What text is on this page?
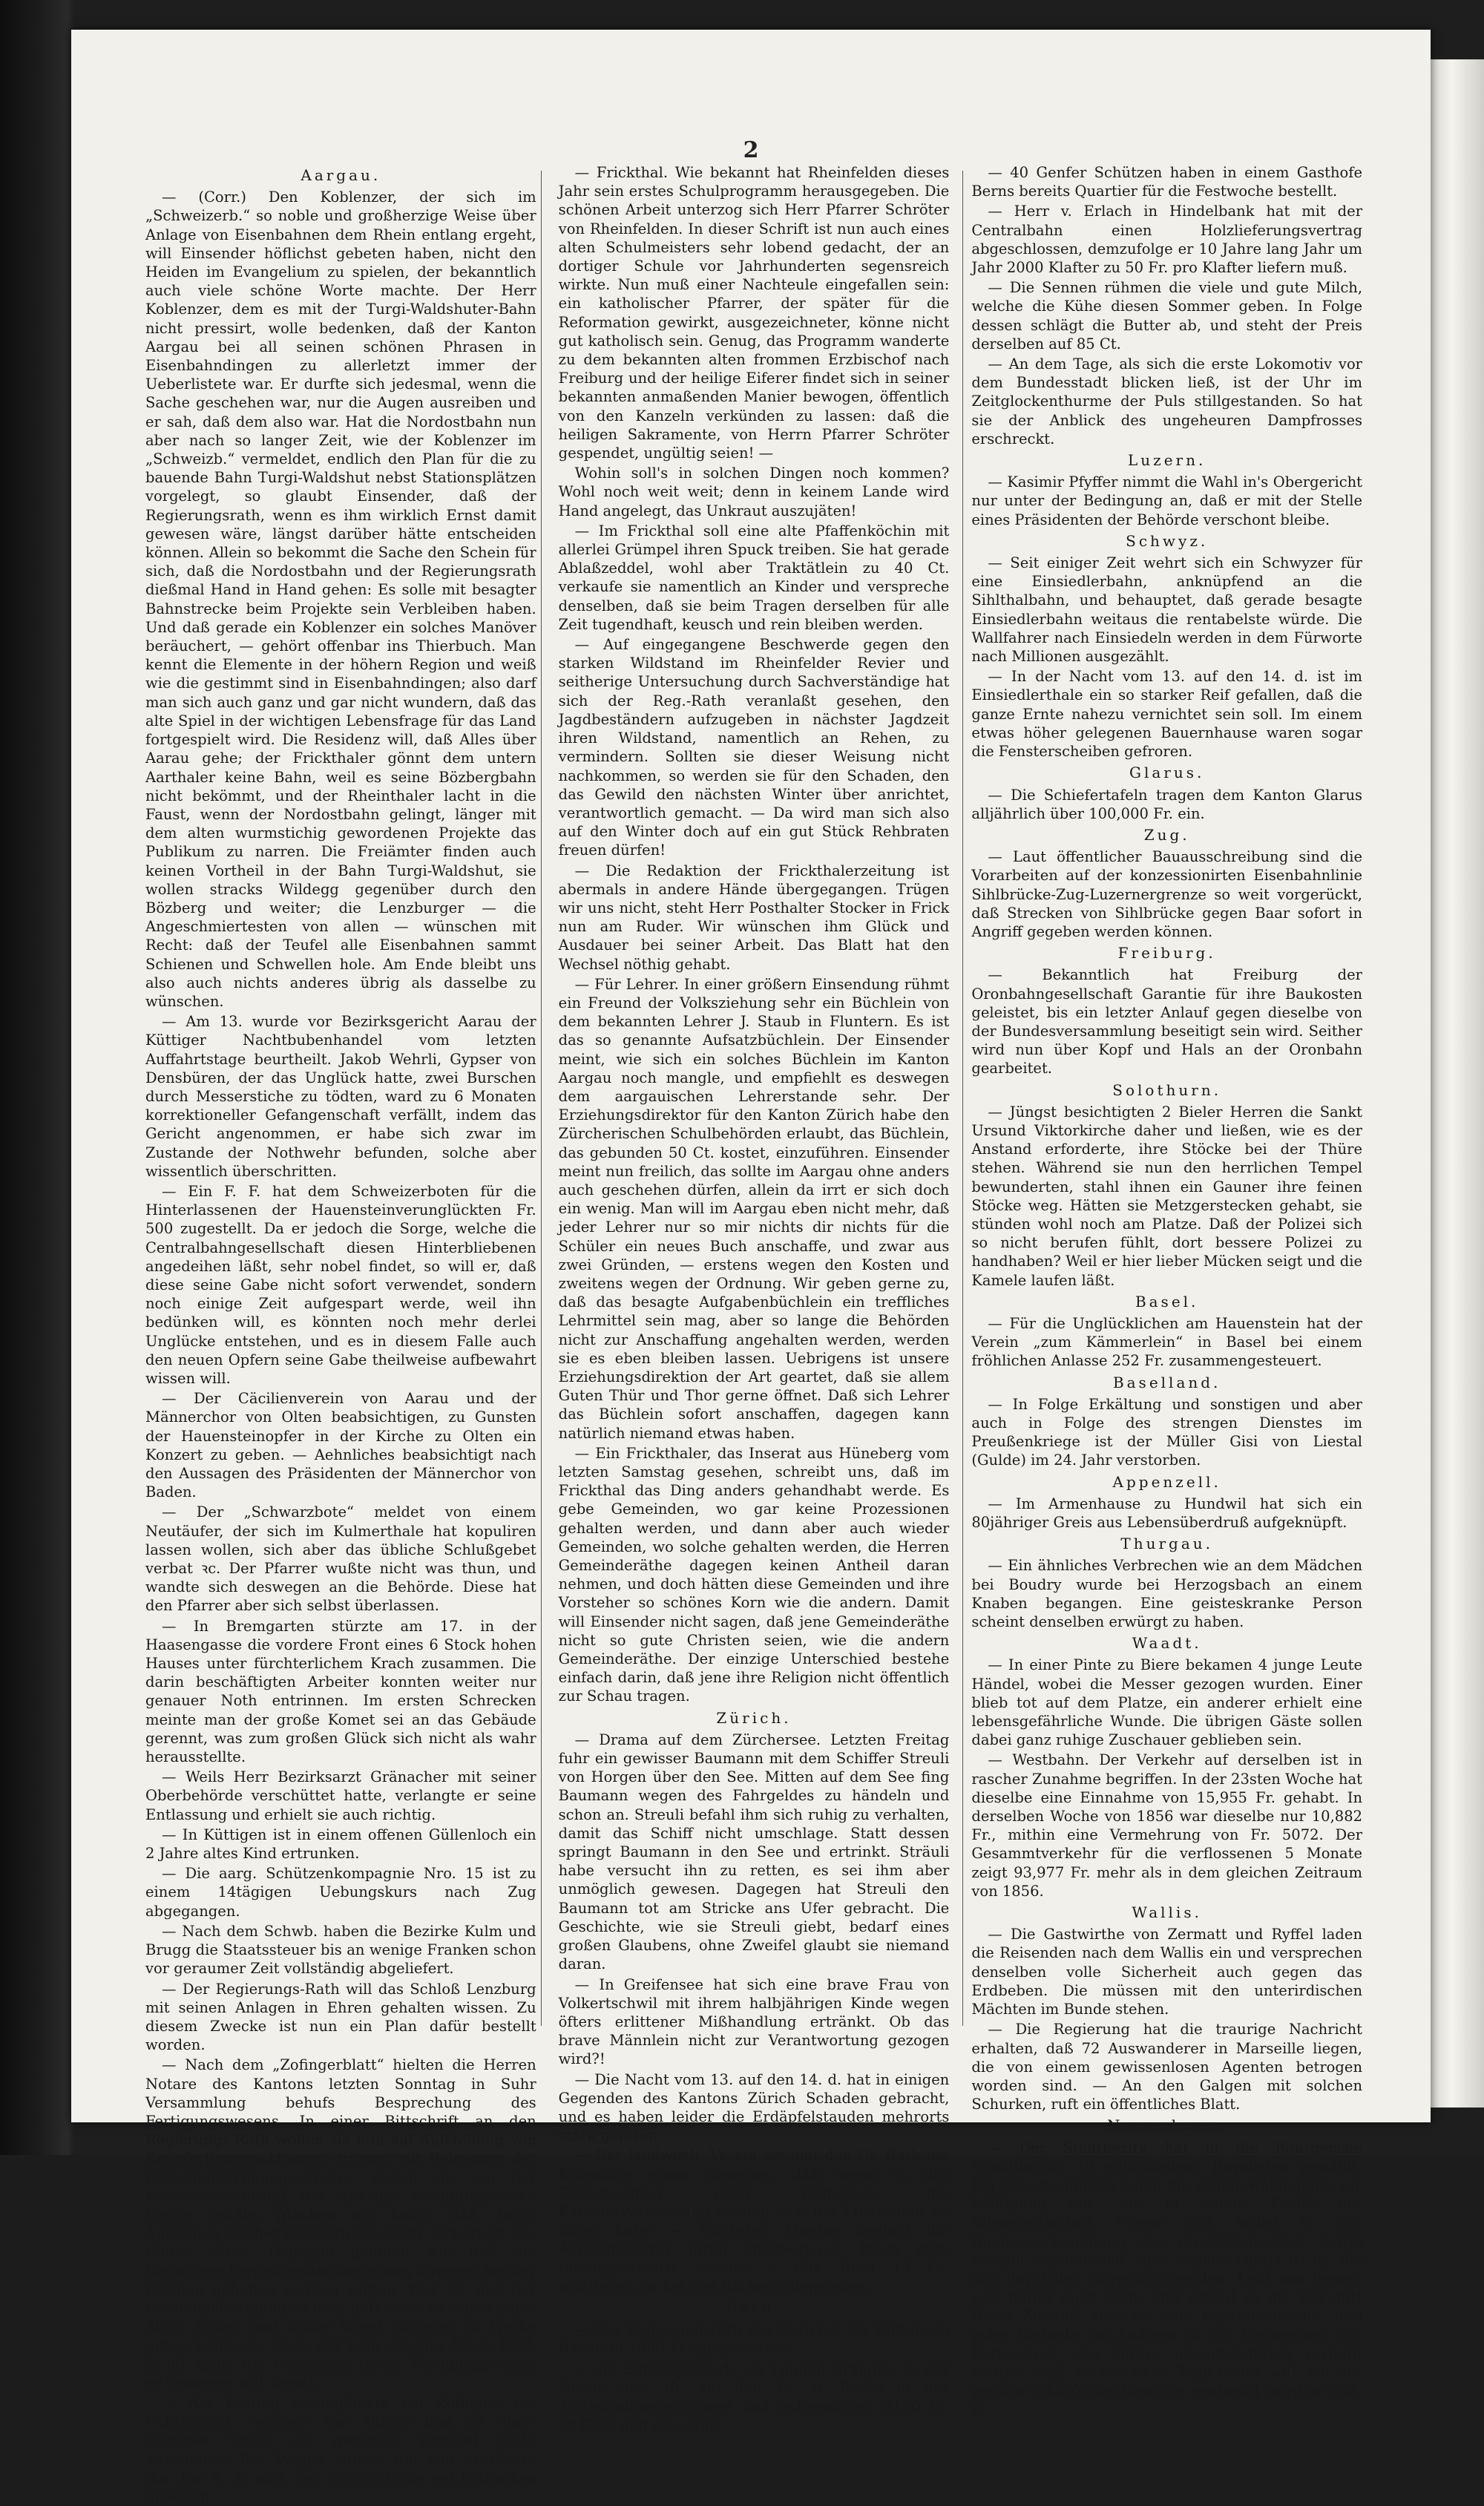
2
Aargau.

— (Corr.) Den Koblenzer, der sich im „Schweizerb.“ so noble und großherzige Weise über Anlage von Eisenbahnen dem Rhein entlang ergeht, will Einsender höflichst gebeten haben, nicht den Heiden im Evangelium zu spielen, der bekanntlich auch viele schöne Worte machte. Der Herr Koblenzer, dem es mit der Turgi-Waldshuter-Bahn nicht pressirt, wolle bedenken, daß der Kanton Aargau bei all seinen schönen Phrasen in Eisenbahndingen zu allerletzt immer der Ueberlistete war. Er durfte sich jedesmal, wenn die Sache geschehen war, nur die Augen ausreiben und er sah, daß dem also war. Hat die Nordostbahn nun aber nach so langer Zeit, wie der Koblenzer im „Schweizb.“ vermeldet, endlich den Plan für die zu bauende Bahn Turgi-Waldshut nebst Stationsplätzen vorgelegt, so glaubt Einsender, daß der Regierungsrath, wenn es ihm wirklich Ernst damit gewesen wäre, längst darüber hätte entscheiden können. Allein so bekommt die Sache den Schein für sich, daß die Nordostbahn und der Regierungsrath dießmal Hand in Hand gehen: Es solle mit besagter Bahnstrecke beim Projekte sein Verbleiben haben. Und daß gerade ein Koblenzer ein solches Manöver beräuchert, — gehört offenbar ins Thierbuch. Man kennt die Elemente in der höhern Region und weiß wie die gestimmt sind in Eisenbahndingen; also darf man sich auch ganz und gar nicht wundern, daß das alte Spiel in der wichtigen Lebensfrage für das Land fortgespielt wird. Die Residenz will, daß Alles über Aarau gehe; der Frickthaler gönnt dem untern Aarthaler keine Bahn, weil es seine Bözbergbahn nicht bekömmt, und der Rheinthaler lacht in die Faust, wenn der Nordostbahn gelingt, länger mit dem alten wurmstichig gewordenen Projekte das Publikum zu narren. Die Freiämter finden auch keinen Vortheil in der Bahn Turgi-Waldshut, sie wollen stracks Wildegg gegenüber durch den Bözberg und weiter; die Lenzburger — die Angeschmiertesten von allen — wünschen mit Recht: daß der Teufel alle Eisenbahnen sammt Schienen und Schwellen hole. Am Ende bleibt uns also auch nichts anderes übrig als dasselbe zu wünschen.

— Am 13. wurde vor Bezirksgericht Aarau der Küttiger Nachtbubenhandel vom letzten Auffahrtstage beurtheilt. Jakob Wehrli, Gypser von Densbüren, der das Unglück hatte, zwei Burschen durch Messerstiche zu tödten, ward zu 6 Monaten korrektioneller Gefangenschaft verfällt, indem das Gericht angenommen, er habe sich zwar im Zustande der Nothwehr befunden, solche aber wissentlich überschritten.

— Ein F. F. hat dem Schweizerboten für die Hinterlassenen der Hauensteinverunglückten Fr. 500 zugestellt. Da er jedoch die Sorge, welche die Centralbahngesellschaft diesen Hinterbliebenen angedeihen läßt, sehr nobel findet, so will er, daß diese seine Gabe nicht sofort verwendet, sondern noch einige Zeit aufgespart werde, weil ihn bedünken will, es könnten noch mehr derlei Unglücke entstehen, und es in diesem Falle auch den neuen Opfern seine Gabe theilweise aufbewahrt wissen will.

— Der Cäcilienverein von Aarau und der Männerchor von Olten beabsichtigen, zu Gunsten der Hauensteinopfer in der Kirche zu Olten ein Konzert zu geben. — Aehnliches beabsichtigt nach den Aussagen des Präsidenten der Männerchor von Baden.

— Der „Schwarzbote“ meldet von einem Neutäufer, der sich im Kulmerthale hat kopuliren lassen wollen, sich aber das übliche Schlußgebet verbat ꝛc. Der Pfarrer wußte nicht was thun, und wandte sich deswegen an die Behörde. Diese hat den Pfarrer aber sich selbst überlassen.

— In Bremgarten stürzte am 17. in der Haasengasse die vordere Front eines 6 Stock hohen Hauses unter fürchterlichem Krach zusammen. Die darin beschäftigten Arbeiter konnten weiter nur genauer Noth entrinnen. Im ersten Schrecken meinte man der große Komet sei an das Gebäude gerennt, was zum großen Glück sich nicht als wahr herausstellte.

— Weils Herr Bezirksarzt Gränacher mit seiner Oberbehörde verschüttet hatte, verlangte er seine Entlassung und erhielt sie auch richtig.

— In Küttigen ist in einem offenen Güllenloch ein 2 Jahre altes Kind ertrunken.

— Die aarg. Schützenkompagnie Nro. 15 ist zu einem 14tägigen Uebungskurs nach Zug abgegangen.

— Nach dem Schwb. haben die Bezirke Kulm und Brugg die Staatssteuer bis an wenige Franken schon vor geraumer Zeit vollständig abgeliefert.

— Der Regierungs-Rath will das Schloß Lenzburg mit seinen Anlagen in Ehren gehalten wissen. Zu diesem Zwecke ist nun ein Plan dafür bestellt worden.

— Nach dem „Zofingerblatt“ hielten die Herren Notare des Kantons letzten Sonntag in Suhr Versammlung behufs Besprechung des Fertigungswesens. In einer Bittschrift an den Regierungs-Rath wollen sie nun auf Aufstellung von Kreisfertigungsaktuaren dringen mit Belassung der Gemeindefertigungsaktuare, indem sie von der Kostenvermehrung, die also das Fertigungswesen treffen müßte, glauben wir kaum, daß durch Aufstellen solcher Kreisaktuare mehr Sicherheit in's Ganze käme. Dagegen glauben wir, daß die bisherigen Fertigungsaktuare etwas strenger bei der Prüfung gehalten werden sollten. Klar ist, daß der Gemeindsfertigungsaktuar, daß er so zu sagen jedes Stück Grund und Boden kennt, sicherer zu Werke gehen kann, als einer, der kein einziges Stück Feld, ja oft kaum die Gemeinde, deren Fertigungswesen er besorgen soll, kennt.

— Am Freitag verunglückte bei Zofingen ein Fuhrknecht, welcher Torf führte und an einer halbigen Stelle die gehörige Vorsicht nicht anwendete. Der Wagen stürzte um und erdrückte ihn. Die A. Z. sagt, der Verunglückte sei betrunken gewesen.

— Frickthal. Wie bekannt hat Rheinfelden dieses Jahr sein erstes Schulprogramm herausgegeben. Die schönen Arbeit unterzog sich Herr Pfarrer Schröter von Rheinfelden. In dieser Schrift ist nun auch eines alten Schulmeisters sehr lobend gedacht, der an dortiger Schule vor Jahrhunderten segensreich wirkte. Nun muß einer Nachteule eingefallen sein: ein katholischer Pfarrer, der später für die Reformation gewirkt, ausgezeichneter, könne nicht gut katholisch sein. Genug, das Programm wanderte zu dem bekannten alten frommen Erzbischof nach Freiburg und der heilige Eiferer findet sich in seiner bekannten anmaßenden Manier bewogen, öffentlich von den Kanzeln verkünden zu lassen: daß die heiligen Sakramente, von Herrn Pfarrer Schröter gespendet, ungültig seien! —

Wohin soll's in solchen Dingen noch kommen? Wohl noch weit weit; denn in keinem Lande wird Hand angelegt, das Unkraut auszujäten!

— Im Frickthal soll eine alte Pfaffenköchin mit allerlei Grümpel ihren Spuck treiben. Sie hat gerade Ablaßzeddel, wohl aber Traktätlein zu 40 Ct. verkaufe sie namentlich an Kinder und verspreche denselben, daß sie beim Tragen derselben für alle Zeit tugendhaft, keusch und rein bleiben werden.

— Auf eingegangene Beschwerde gegen den starken Wildstand im Rheinfelder Revier und seitherige Untersuchung durch Sachverständige hat sich der Reg.-Rath veranlaßt gesehen, den Jagdbeständern aufzugeben in nächster Jagdzeit ihren Wildstand, namentlich an Rehen, zu vermindern. Sollten sie dieser Weisung nicht nachkommen, so werden sie für den Schaden, den das Gewild den nächsten Winter über anrichtet, verantwortlich gemacht. — Da wird man sich also auf den Winter doch auf ein gut Stück Rehbraten freuen dürfen!

— Die Redaktion der Frickthalerzeitung ist abermals in andere Hände übergegangen. Trügen wir uns nicht, steht Herr Posthalter Stocker in Frick nun am Ruder. Wir wünschen ihm Glück und Ausdauer bei seiner Arbeit. Das Blatt hat den Wechsel nöthig gehabt.

— Für Lehrer. In einer größern Einsendung rühmt ein Freund der Volksziehung sehr ein Büchlein von dem bekannten Lehrer J. Staub in Fluntern. Es ist das so genannte Aufsatzbüchlein. Der Einsender meint, wie sich ein solches Büchlein im Kanton Aargau noch mangle, und empfiehlt es deswegen dem aargauischen Lehrerstande sehr. Der Erziehungsdirektor für den Kanton Zürich habe den Zürcherischen Schulbehörden erlaubt, das Büchlein, das gebunden 50 Ct. kostet, einzuführen. Einsender meint nun freilich, das sollte im Aargau ohne anders auch geschehen dürfen, allein da irrt er sich doch ein wenig. Man will im Aargau eben nicht mehr, daß jeder Lehrer nur so mir nichts dir nichts für die Schüler ein neues Buch anschaffe, und zwar aus zwei Gründen, — erstens wegen den Kosten und zweitens wegen der Ordnung. Wir geben gerne zu, daß das besagte Aufgabenbüchlein ein treffliches Lehrmittel sein mag, aber so lange die Behörden nicht zur Anschaffung angehalten werden, werden sie es eben bleiben lassen. Uebrigens ist unsere Erziehungsdirektion der Art geartet, daß sie allem Guten Thür und Thor gerne öffnet. Daß sich Lehrer das Büchlein sofort anschaffen, dagegen kann natürlich niemand etwas haben.

— Ein Frickthaler, das Inserat aus Hüneberg vom letzten Samstag gesehen, schreibt uns, daß im Frickthal das Ding anders gehandhabt werde. Es gebe Gemeinden, wo gar keine Prozessionen gehalten werden, und dann aber auch wieder Gemeinden, wo solche gehalten werden, die Herren Gemeinderäthe dagegen keinen Antheil daran nehmen, und doch hätten diese Gemeinden und ihre Vorsteher so schönes Korn wie die andern. Damit will Einsender nicht sagen, daß jene Gemeinderäthe nicht so gute Christen seien, wie die andern Gemeinderäthe. Der einzige Unterschied bestehe einfach darin, daß jene ihre Religion nicht öffentlich zur Schau tragen.

Zürich.

— Drama auf dem Zürchersee. Letzten Freitag fuhr ein gewisser Baumann mit dem Schiffer Streuli von Horgen über den See. Mitten auf dem See fing Baumann wegen des Fahrgeldes zu händeln und schon an. Streuli befahl ihm sich ruhig zu verhalten, damit das Schiff nicht umschlage. Statt dessen springt Baumann in den See und ertrinkt. Sträuli habe versucht ihn zu retten, es sei ihm aber unmöglich gewesen. Dagegen hat Streuli den Baumann tot am Stricke ans Ufer gebracht. Die Geschichte, wie sie Streuli giebt, bedarf eines großen Glaubens, ohne Zweifel glaubt sie niemand daran.

— In Greifensee hat sich eine brave Frau von Volkertschwil mit ihrem halbjährigen Kinde wegen öfters erlittener Mißhandlung ertränkt. Ob das brave Männlein nicht zur Verantwortung gezogen wird?!

— Die Nacht vom 13. auf den 14. d. hat in einigen Gegenden des Kantons Zürich Schaden gebracht, und es haben leider die Erdäpfelstauden mehrorts stark gelitten.

— Der landwirth. Verein ersucht den Gr. Rath um Erlassung eines Gesetzes, daß wenn ⅔ der Grundbesitzer einer Gemeinde die Katastervermessung wollen, sich die Minderheit zu fügen habe. — Nächsten Montag beginnt die Aktienbäckerei ihren Brodverkauf. Nach dem Intelligenzblatte werden 4 Pfd. Brod 12 Ct. wohlfeiler als bei den Bäckern abgegeben.

Bern.

— Der Regierungsrath von Bern hat für katholisch Bächteln 1000 Fr. ausgeworfen.

— Im Schloßgebäude zu Laupen drangen in der Nacht vom 10. auf den 11. d. Diebe in das Amtsschaffnereizimmer und entwendeten 2150 Fr. an Geld und eine Uhr.

— 40 Genfer Schützen haben in einem Gasthofe Berns bereits Quartier für die Festwoche bestellt.

— Herr v. Erlach in Hindelbank hat mit der Centralbahn einen Holzlieferungsvertrag abgeschlossen, demzufolge er 10 Jahre lang Jahr um Jahr 2000 Klafter zu 50 Fr. pro Klafter liefern muß.

— Die Sennen rühmen die viele und gute Milch, welche die Kühe diesen Sommer geben. In Folge dessen schlägt die Butter ab, und steht der Preis derselben auf 85 Ct.

— An dem Tage, als sich die erste Lokomotiv vor dem Bundesstadt blicken ließ, ist der Uhr im Zeitglockenthurme der Puls stillgestanden. So hat sie der Anblick des ungeheuren Dampfrosses erschreckt.

Luzern.

— Kasimir Pfyffer nimmt die Wahl in's Obergericht nur unter der Bedingung an, daß er mit der Stelle eines Präsidenten der Behörde verschont bleibe.

Schwyz.

— Seit einiger Zeit wehrt sich ein Schwyzer für eine Einsiedlerbahn, anknüpfend an die Sihlthalbahn, und behauptet, daß gerade besagte Einsiedlerbahn weitaus die rentabelste würde. Die Wallfahrer nach Einsiedeln werden in dem Fürworte nach Millionen ausgezählt.

— In der Nacht vom 13. auf den 14. d. ist im Einsiedlerthale ein so starker Reif gefallen, daß die ganze Ernte nahezu vernichtet sein soll. Im einem etwas höher gelegenen Bauernhause waren sogar die Fensterscheiben gefroren.

Glarus.

— Die Schiefertafeln tragen dem Kanton Glarus alljährlich über 100,000 Fr. ein.

Zug.

— Laut öffentlicher Bauausschreibung sind die Vorarbeiten auf der konzessionirten Eisenbahnlinie Sihlbrücke-Zug-Luzernergrenze so weit vorgerückt, daß Strecken von Sihlbrücke gegen Baar sofort in Angriff gegeben werden können.

Freiburg.

— Bekanntlich hat Freiburg der Oronbahngesellschaft Garantie für ihre Baukosten geleistet, bis ein letzter Anlauf gegen dieselbe von der Bundesversammlung beseitigt sein wird. Seither wird nun über Kopf und Hals an der Oronbahn gearbeitet.

Solothurn.

— Jüngst besichtigten 2 Bieler Herren die Sankt Ursund Viktorkirche daher und ließen, wie es der Anstand erforderte, ihre Stöcke bei der Thüre stehen. Während sie nun den herrlichen Tempel bewunderten, stahl ihnen ein Gauner ihre feinen Stöcke weg. Hätten sie Metzgerstecken gehabt, sie stünden wohl noch am Platze. Daß der Polizei sich so nicht berufen fühlt, dort bessere Polizei zu handhaben? Weil er hier lieber Mücken seigt und die Kamele laufen läßt.

Basel.

— Für die Unglücklichen am Hauenstein hat der Verein „zum Kämmerlein“ in Basel bei einem fröhlichen Anlasse 252 Fr. zusammengesteuert.

Baselland.

— In Folge Erkältung und sonstigen und aber auch in Folge des strengen Dienstes im Preußenkriege ist der Müller Gisi von Liestal (Gulde) im 24. Jahr verstorben.

Appenzell.

— Im Armenhause zu Hundwil hat sich ein 80jähriger Greis aus Lebensüberdruß aufgeknüpft.

Thurgau.

— Ein ähnliches Verbrechen wie an dem Mädchen bei Boudry wurde bei Herzogsbach an einem Knaben begangen. Eine geisteskranke Person scheint denselben erwürgt zu haben.

Waadt.

— In einer Pinte zu Biere bekamen 4 junge Leute Händel, wobei die Messer gezogen wurden. Einer blieb tot auf dem Platze, ein anderer erhielt eine lebensgefährliche Wunde. Die übrigen Gäste sollen dabei ganz ruhige Zuschauer geblieben sein.

— Westbahn. Der Verkehr auf derselben ist in rascher Zunahme begriffen. In der 23sten Woche hat dieselbe eine Einnahme von 15,955 Fr. gehabt. In derselben Woche von 1856 war dieselbe nur 10,882 Fr., mithin eine Vermehrung von Fr. 5072. Der Gesammtverkehr für die verflossenen 5 Monate zeigt 93,977 Fr. mehr als in dem gleichen Zeitraum von 1856.

Wallis.

— Die Gastwirthe von Zermatt und Ryffel laden die Reisenden nach dem Wallis ein und versprechen denselben volle Sicherheit auch gegen das Erdbeben. Die müssen mit den unterirdischen Mächten im Bunde stehen.

— Die Regierung hat die traurige Nachricht erhalten, daß 72 Auswanderer in Marseille liegen, die von einem gewissenlosen Agenten betrogen worden sind. — An den Galgen mit solchen Schurken, ruft ein öffentliches Blatt.

Neuenburg.

— Der Stadtbezirk hat in die Bourgeoisie Constituante 10 entschiedene Royalisten gewählt. Bei diesem Anlasse fallen die vielen Mahnungen zur Mäßigung ein, die in einem Theile der schweizerischen Presse und selbst in der Bundesversammlung der republikanischen Partei ertheilt worden sind. Aber welche Politik ist es, die den Royalisten zugerufen werden: Laßt nun liegen, was hinter euch liegt, und schaut in die Zukunft! Diese Zukunft aber ist eine republikanische, und jeder Gedanke an Anderes ist ein Verbrechen, ein Verbrechen, das fortan unnachsichtlich verfolgt werden muß, so wie es zu Tage treten will, mit der ganzen Schärfe des Gesetzes geahndet werden muß. B.
